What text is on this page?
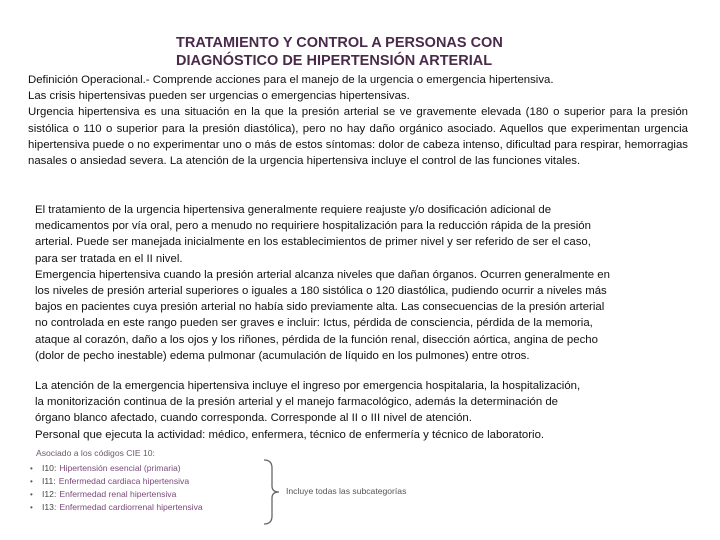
TRATAMIENTO Y CONTROL A PERSONAS CON
DIAGNÓSTICO DE HIPERTENSIÓN ARTERIAL
Definición Operacional.- Comprende acciones para el manejo de la urgencia o emergencia hipertensiva.
Las crisis hipertensivas pueden ser urgencias o emergencias hipertensivas.

Urgencia hipertensiva es una situación en la que la presión arterial se ve gravemente elevada (180 o superior para la presión sistólica o 110 o superior para la presión diastólica), pero no hay daño orgánico asociado. Aquellos que experimentan urgencia hipertensiva puede o no experimentar uno o más de estos síntomas: dolor de cabeza intenso, dificultad para respirar, hemorragias nasales o ansiedad severa. La atención de la urgencia hipertensiva incluye el control de las funciones vitales.

El tratamiento de la urgencia hipertensiva generalmente requiere reajuste y/o dosificación adicional de
medicamentos por vía oral, pero a menudo no requiriere hospitalización para la reducción rápida de la presión
arterial. Puede ser manejada inicialmente en los establecimientos de primer nivel y ser referido de ser el caso,
para ser tratada en el II nivel.
Emergencia hipertensiva cuando la presión arterial alcanza niveles que dañan órganos. Ocurren generalmente en
los niveles de presión arterial superiores o iguales a 180 sistólica o 120 diastólica, pudiendo ocurrir a niveles más
bajos en pacientes cuya presión arterial no había sido previamente alta. Las consecuencias de la presión arterial
no controlada en este rango pueden ser graves e incluir: Ictus, pérdida de consciencia, pérdida de la memoria,
ataque al corazón, daño a los ojos y los riñones, pérdida de la función renal, disección aórtica, angina de pecho
(dolor de pecho inestable) edema pulmonar (acumulación de líquido en los pulmones) entre otros.
La atención de la emergencia hipertensiva incluye el ingreso por emergencia hospitalaria, la hospitalización,
la monitorización continua de la presión arterial y el manejo farmacológico, además la determinación de
órgano blanco afectado, cuando corresponda. Corresponde al II o III nivel de atención.
Personal que ejecuta la actividad: médico, enfermera, técnico de enfermería y técnico de laboratorio.
Asociado a los códigos CIE 10:
•	I10: Hipertensión esencial (primaria)
•	I11: Enfermedad cardiaca hipertensiva
•	I12: Enfermedad renal hipertensiva
•	I13: Enfermedad cardiorrenal hipertensiva
Incluye todas las subcategorías
